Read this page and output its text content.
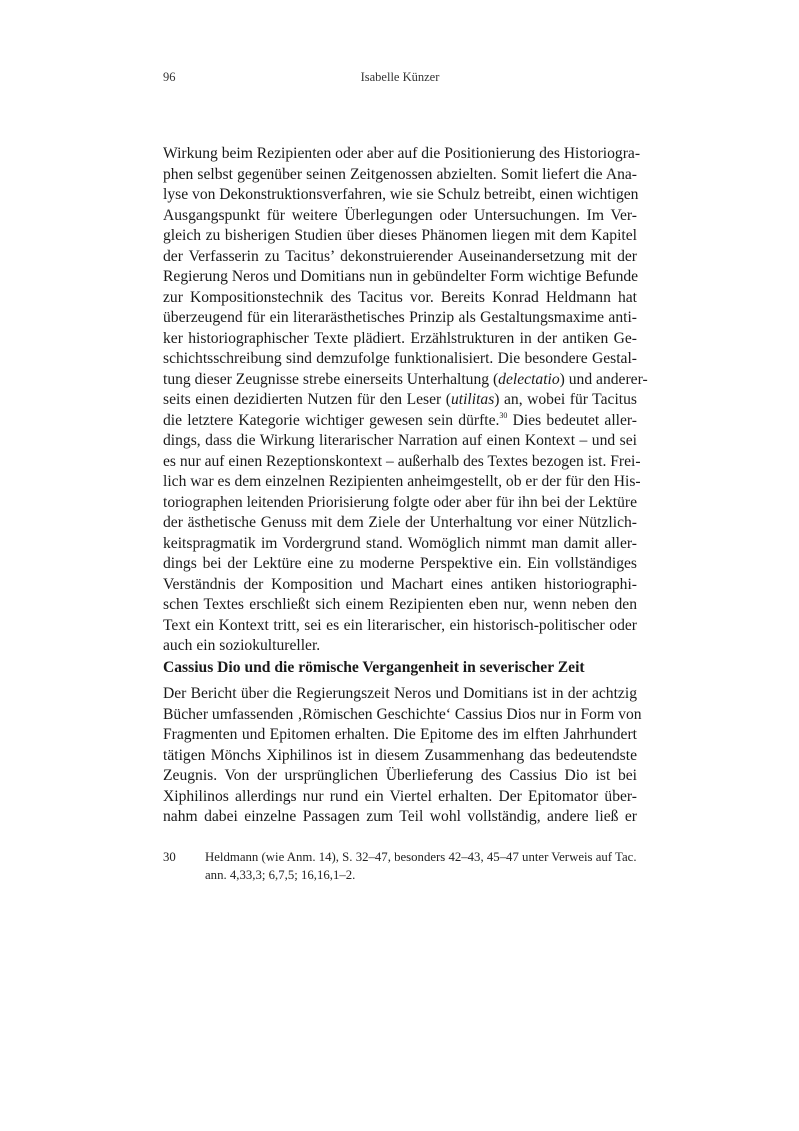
96	Isabelle Künzer
Wirkung beim Rezipienten oder aber auf die Positionierung des Historiogra-
phen selbst gegenüber seinen Zeitgenossen abzielten. Somit liefert die Ana-
lyse von Dekonstruktionsverfahren, wie sie Schulz betreibt, einen wichtigen
Ausgangspunkt für weitere Überlegungen oder Untersuchungen. Im Ver-
gleich zu bisherigen Studien über dieses Phänomen liegen mit dem Kapitel
der Verfasserin zu Tacitus’ dekonstruierender Auseinandersetzung mit der
Regierung Neros und Domitians nun in gebündelter Form wichtige Befunde
zur Kompositionstechnik des Tacitus vor. Bereits Konrad Heldmann hat
überzeugend für ein literarästhetisches Prinzip als Gestaltungsmaxime anti-
ker historiographischer Texte plädiert. Erzählstrukturen in der antiken Ge-
schichtsschreibung sind demzufolge funktionalisiert. Die besondere Gestal-
tung dieser Zeugnisse strebe einerseits Unterhaltung (delectatio) und anderer-
seits einen dezidierten Nutzen für den Leser (utilitas) an, wobei für Tacitus
die letztere Kategorie wichtiger gewesen sein dürfte.$^{30}$ Dies bedeutet aller-
dings, dass die Wirkung literarischer Narration auf einen Kontext – und sei
es nur auf einen Rezeptionskontext – außerhalb des Textes bezogen ist. Frei-
lich war es dem einzelnen Rezipienten anheimgestellt, ob er der für den His-
toriographen leitenden Priorisierung folgte oder aber für ihn bei der Lektüre
der ästhetische Genuss mit dem Ziele der Unterhaltung vor einer Nützlich-
keitspragmatik im Vordergrund stand. Womöglich nimmt man damit aller-
dings bei der Lektüre eine zu moderne Perspektive ein. Ein vollständiges
Verständnis der Komposition und Machart eines antiken historiographi-
schen Textes erschließt sich einem Rezipienten eben nur, wenn neben den
Text ein Kontext tritt, sei es ein literarischer, ein historisch-politischer oder
auch ein soziokultureller.
Cassius Dio und die römische Vergangenheit in severischer Zeit
Der Bericht über die Regierungszeit Neros und Domitians ist in der achtzig
Bücher umfassenden ‚Römischen Geschichte‘ Cassius Dios nur in Form von
Fragmenten und Epitomen erhalten. Die Epitome des im elften Jahrhundert
tätigen Mönchs Xiphilinos ist in diesem Zusammenhang das bedeutendste
Zeugnis. Von der ursprünglichen Überlieferung des Cassius Dio ist bei
Xiphilinos allerdings nur rund ein Viertel erhalten. Der Epitomator über-
nahm dabei einzelne Passagen zum Teil wohl vollständig, andere ließ er
30 Heldmann (wie Anm. 14), S. 32–47, besonders 42–43, 45–47 unter Verweis auf Tac.
ann. 4,33,3; 6,7,5; 16,16,1–2.
